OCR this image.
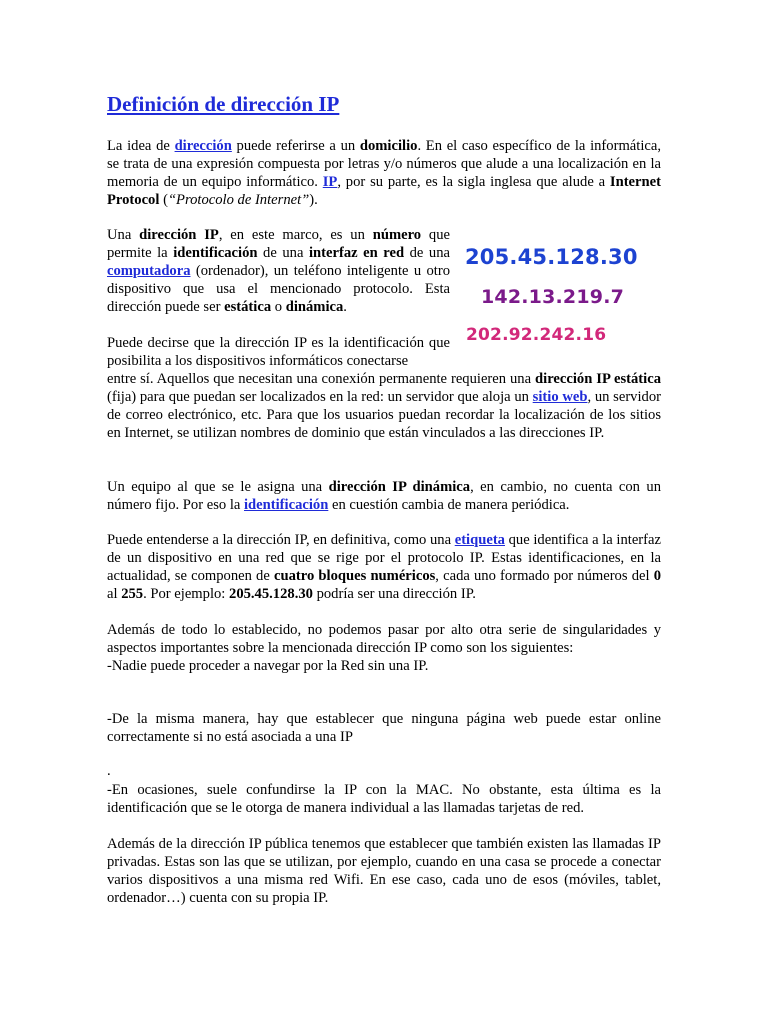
Definición de dirección IP

La idea de dirección puede referirse a un domicilio. En el caso específico de la informática, se trata de una expresión compuesta por letras y/o números que alude a una localización en la memoria de un equipo informático. IP, por su parte, es la sigla inglesa que alude a Internet Protocol (“Protocolo de Internet”).

Una dirección IP, en este marco, es un número que permite la identificación de una interfaz en red de una computadora (ordenador), un teléfono inteligente u otro dispositivo que usa el mencionado protocolo. Esta dirección puede ser estática o dinámica.

205.45.128.30
142.13.219.7
202.92.242.16

Puede decirse que la dirección IP es la identificación que posibilita a los dispositivos informáticos conectarse

entre sí. Aquellos que necesitan una conexión permanente requieren una dirección IP estática (fija) para que puedan ser localizados en la red: un servidor que aloja un sitio web, un servidor de correo electrónico, etc. Para que los usuarios puedan recordar la localización de los sitios en Internet, se utilizan nombres de dominio que están vinculados a las direcciones IP.

Un equipo al que se le asigna una dirección IP dinámica, en cambio, no cuenta con un número fijo. Por eso la identificación en cuestión cambia de manera periódica.

Puede entenderse a la dirección IP, en definitiva, como una etiqueta que identifica a la interfaz de un dispositivo en una red que se rige por el protocolo IP. Estas identificaciones, en la actualidad, se componen de cuatro bloques numéricos, cada uno formado por números del 0 al 255. Por ejemplo: 205.45.128.30 podría ser una dirección IP.

Además de todo lo establecido, no podemos pasar por alto otra serie de singularidades y aspectos importantes sobre la mencionada dirección IP como son los siguientes:
-Nadie puede proceder a navegar por la Red sin una IP.

-De la misma manera, hay que establecer que ninguna página web puede estar online correctamente si no está asociada a una IP

.

-En ocasiones, suele confundirse la IP con la MAC. No obstante, esta última es la identificación que se le otorga de manera individual a las llamadas tarjetas de red.

Además de la dirección IP pública tenemos que establecer que también existen las llamadas IP privadas. Estas son las que se utilizan, por ejemplo, cuando en una casa se procede a conectar varios dispositivos a una misma red Wifi. En ese caso, cada uno de esos (móviles, tablet, ordenador…) cuenta con su propia IP.
